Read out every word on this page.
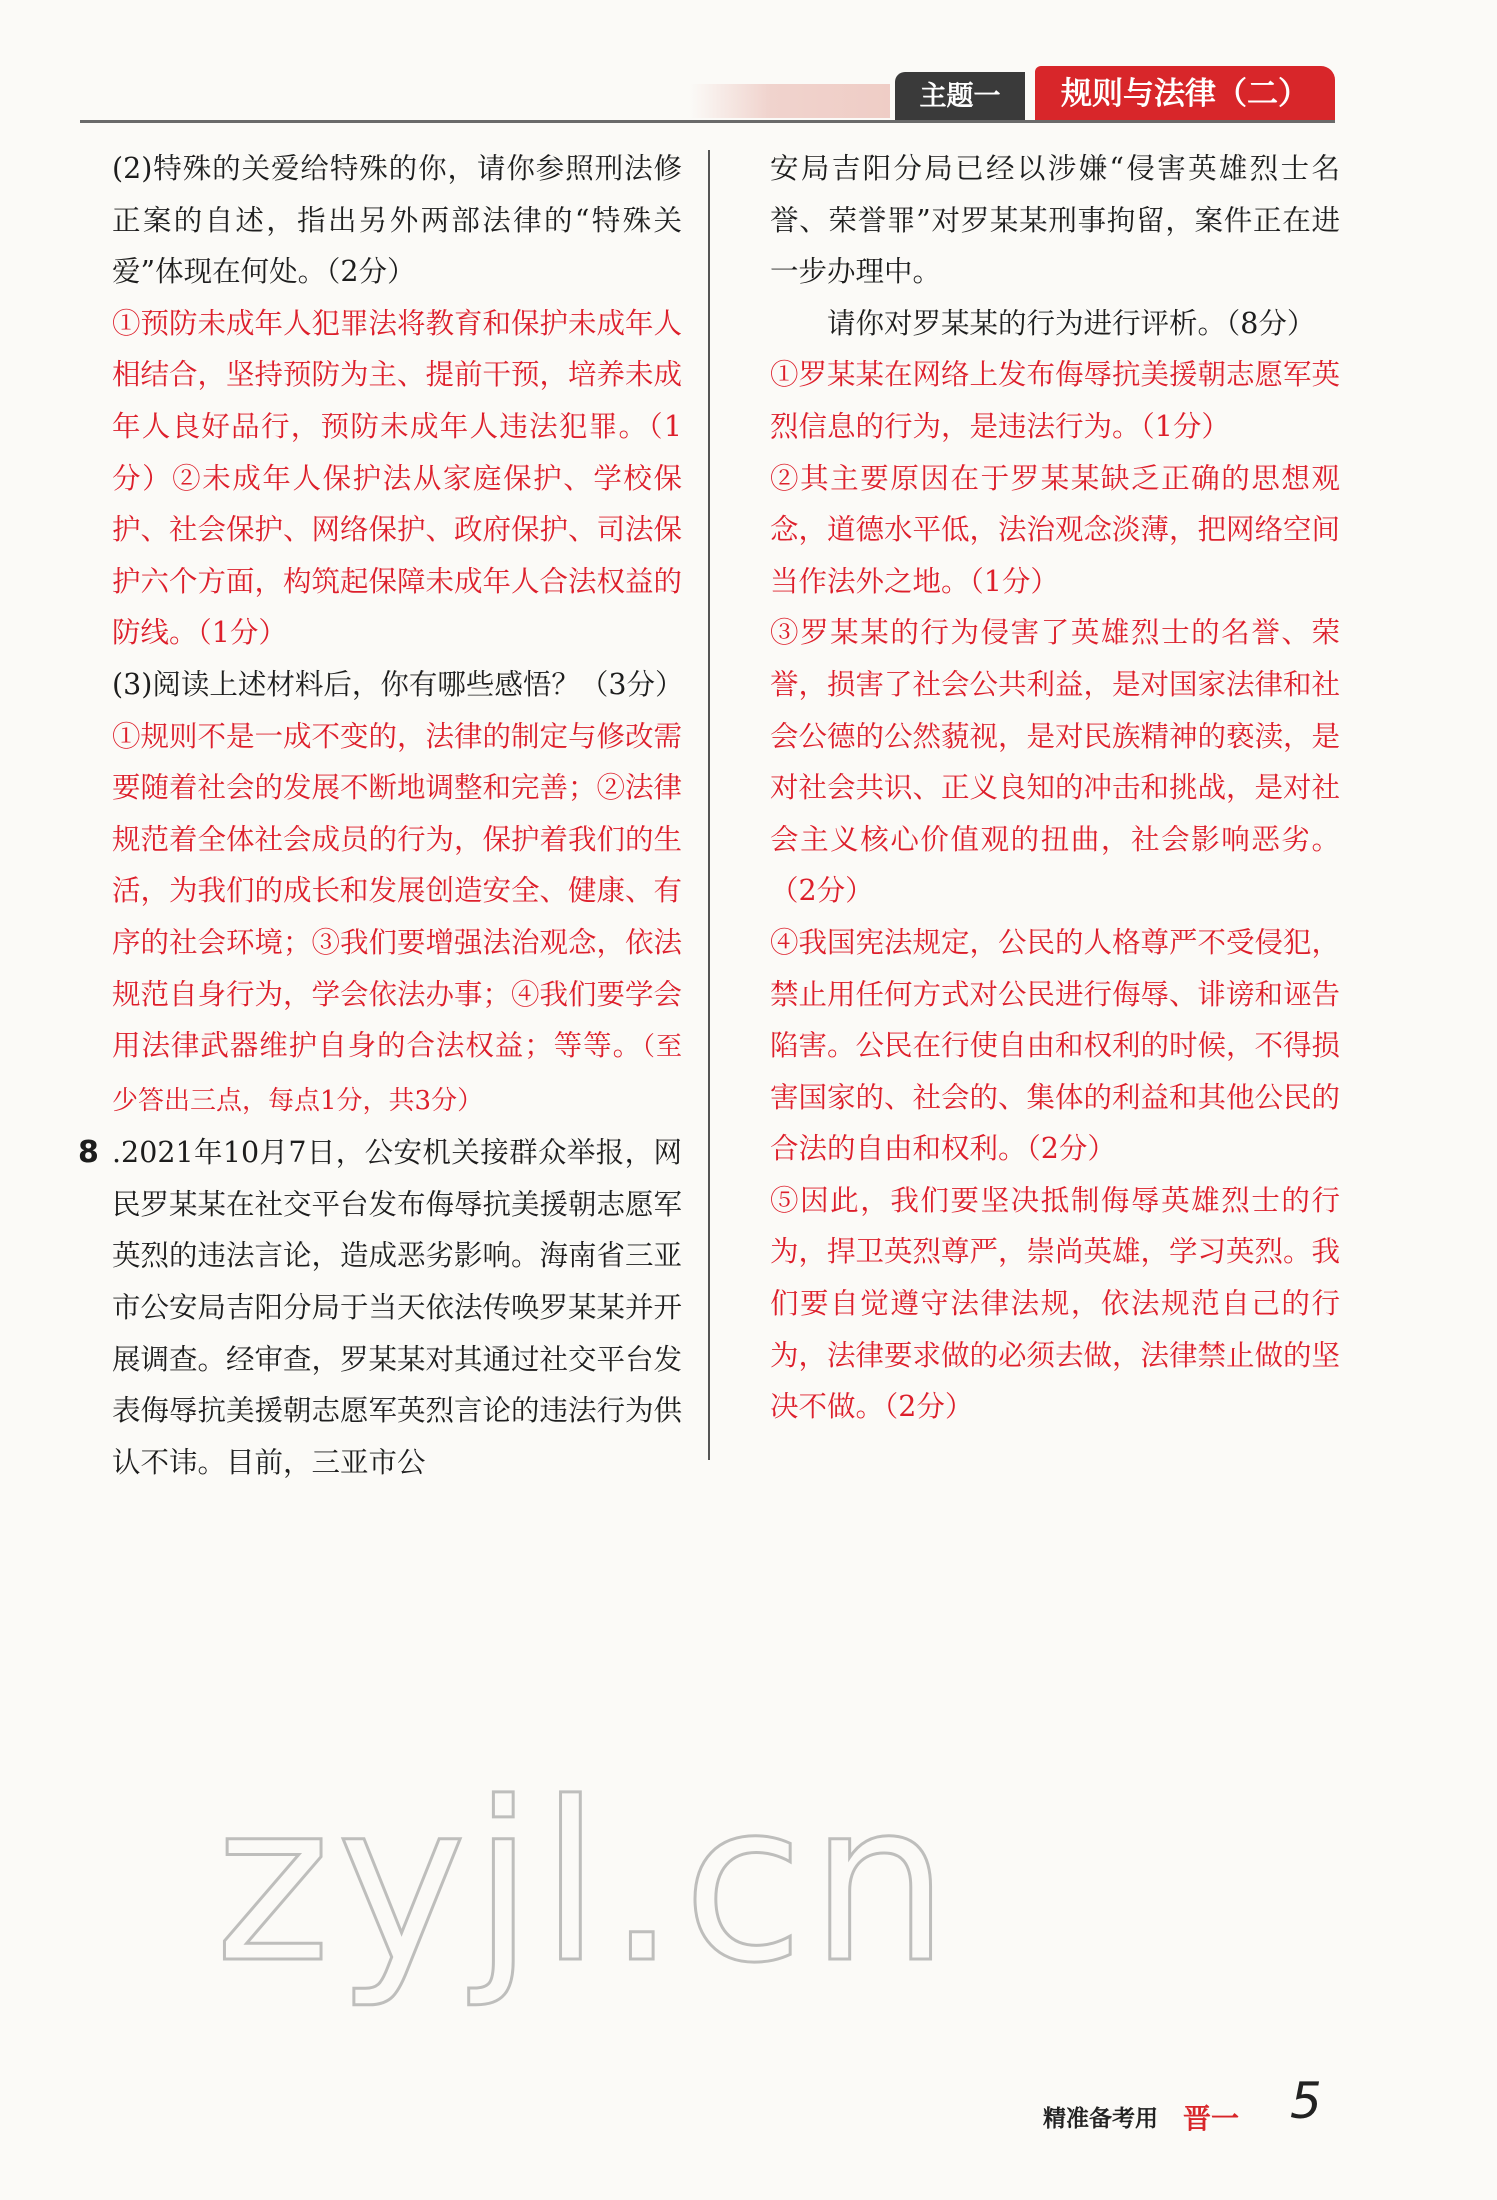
主题一	规则与法律（二）

(2)特殊的关爱给特殊的你，请你参照刑法修正案的自述，指出另外两部法律的“特殊关爱”体现在何处。（2分）

①预防未成年人犯罪法将教育和保护未成年人相结合，坚持预防为主、提前干预，培养未成年人良好品行，预防未成年人违法犯罪。（1分）②未成年人保护法从家庭保护、学校保护、社会保护、网络保护、政府保护、司法保护六个方面，构筑起保障未成年人合法权益的防线。（1分）

(3)阅读上述材料后，你有哪些感悟？（3分）

①规则不是一成不变的，法律的制定与修改需要随着社会的发展不断地调整和完善；②法律规范着全体社会成员的行为，保护着我们的生活，为我们的成长和发展创造安全、健康、有序的社会环境；③我们要增强法治观念，依法规范自身行为，学会依法办事；④我们要学会用法律武器维护自身的合法权益；等等。（至少答出三点，每点1分，共3分）

8 .2021年10月7日，公安机关接群众举报，网民罗某某在社交平台发布侮辱抗美援朝志愿军英烈的违法言论，造成恶劣影响。海南省三亚市公安局吉阳分局于当天依法传唤罗某某并开展调查。经审查，罗某某对其通过社交平台发表侮辱抗美援朝志愿军英烈言论的违法行为供认不讳。目前，三亚市公

安局吉阳分局已经以涉嫌“侵害英雄烈士名誉、荣誉罪”对罗某某刑事拘留，案件正在进一步办理中。

请你对罗某某的行为进行评析。（8分）

①罗某某在网络上发布侮辱抗美援朝志愿军英烈信息的行为，是违法行为。（1分）

②其主要原因在于罗某某缺乏正确的思想观念，道德水平低，法治观念淡薄，把网络空间当作法外之地。（1分）

③罗某某的行为侵害了英雄烈士的名誉、荣誉，损害了社会公共利益，是对国家法律和社会公德的公然藐视，是对民族精神的亵渎，是对社会共识、正义良知的冲击和挑战，是对社会主义核心价值观的扭曲，社会影响恶劣。（2分）

④我国宪法规定，公民的人格尊严不受侵犯，禁止用任何方式对公民进行侮辱、诽谤和诬告陷害。公民在行使自由和权利的时候，不得损害国家的、社会的、集体的利益和其他公民的合法的自由和权利。（2分）

⑤因此，我们要坚决抵制侮辱英雄烈士的行为，捍卫英烈尊严，崇尚英雄，学习英烈。我们要自觉遵守法律法规，依法规范自己的行为，法律要求做的必须去做，法律禁止做的坚决不做。（2分）

zyjl.cn
精准备考用 晋一 5
